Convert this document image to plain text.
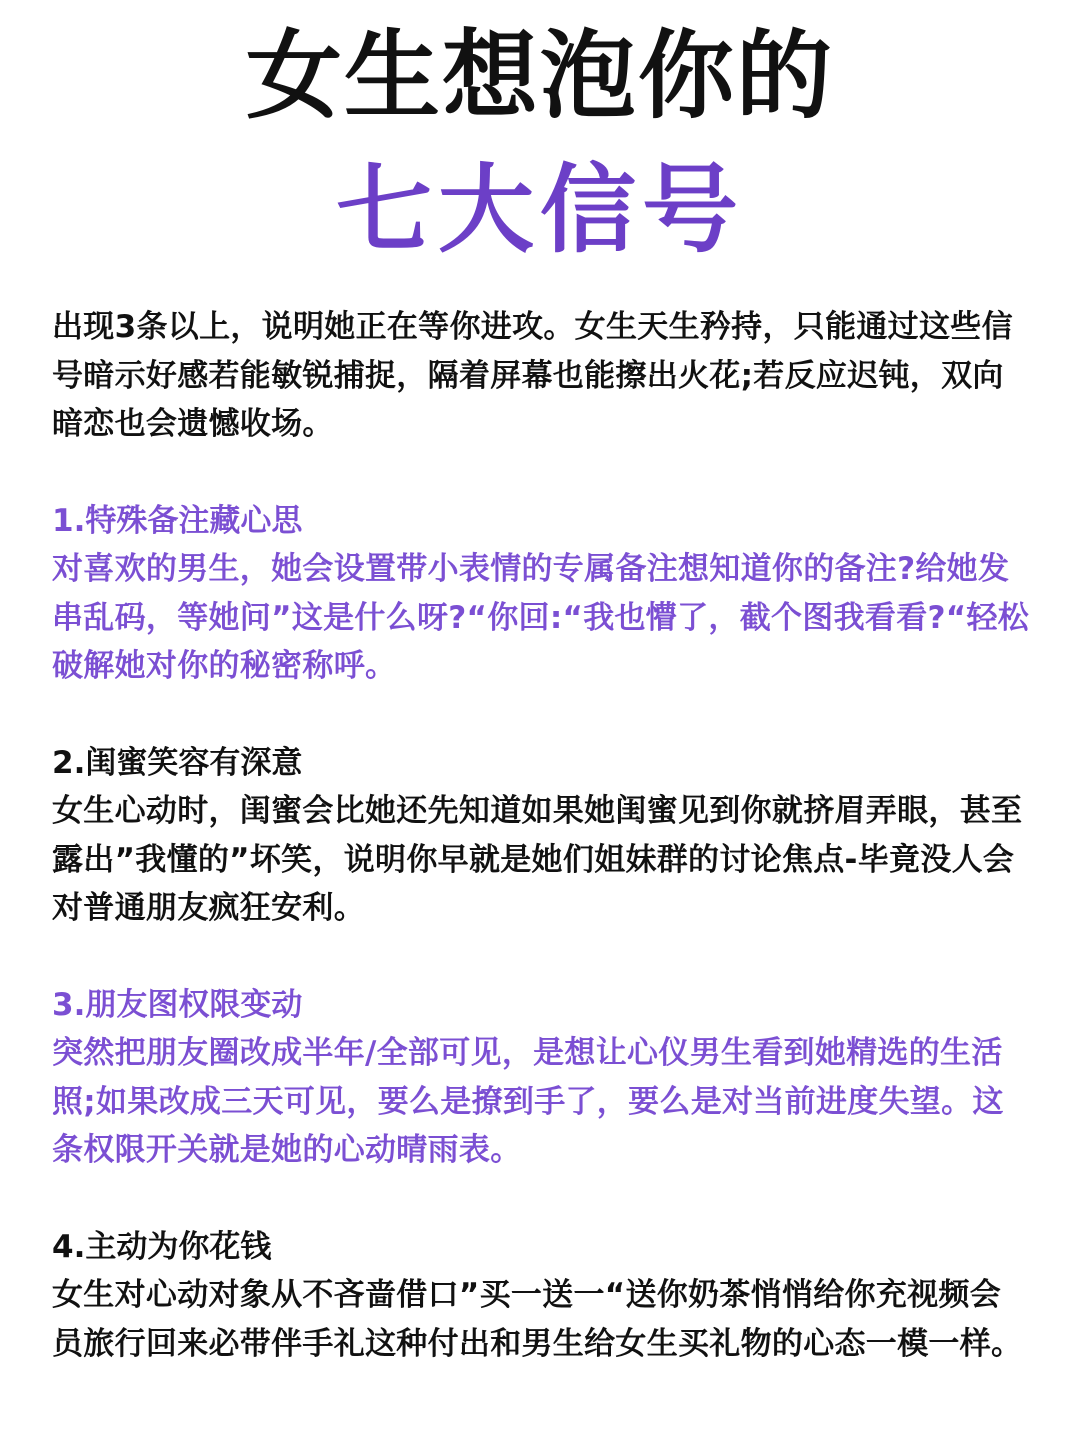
女生想泡你的
七大信号

出现3条以上，说明她正在等你进攻。女生天生矜持，只能通过这些信号暗示好感若能敏锐捕捉，隔着屏幕也能擦出火花;若反应迟钝，双向暗恋也会遗憾收场。

1.特殊备注藏心思

对喜欢的男生，她会设置带小表情的专属备注想知道你的备注?给她发串乱码，等她问”这是什么呀?“你回:“我也懵了，截个图我看看?“轻松破解她对你的秘密称呼。

2.闺蜜笑容有深意

女生心动时，闺蜜会比她还先知道如果她闺蜜见到你就挤眉弄眼，甚至露出”我懂的”坏笑，说明你早就是她们姐妹群的讨论焦点-毕竟没人会对普通朋友疯狂安利。

3.朋友图权限变动

突然把朋友圈改成半年/全部可见，是想让心仪男生看到她精选的生活照;如果改成三天可见，要么是撩到手了，要么是对当前进度失望。这条权限开关就是她的心动晴雨表。

4.主动为你花钱

女生对心动对象从不吝啬借口”买一送一“送你奶茶悄悄给你充视频会员旅行回来必带伴手礼这种付出和男生给女生买礼物的心态一模一样。
